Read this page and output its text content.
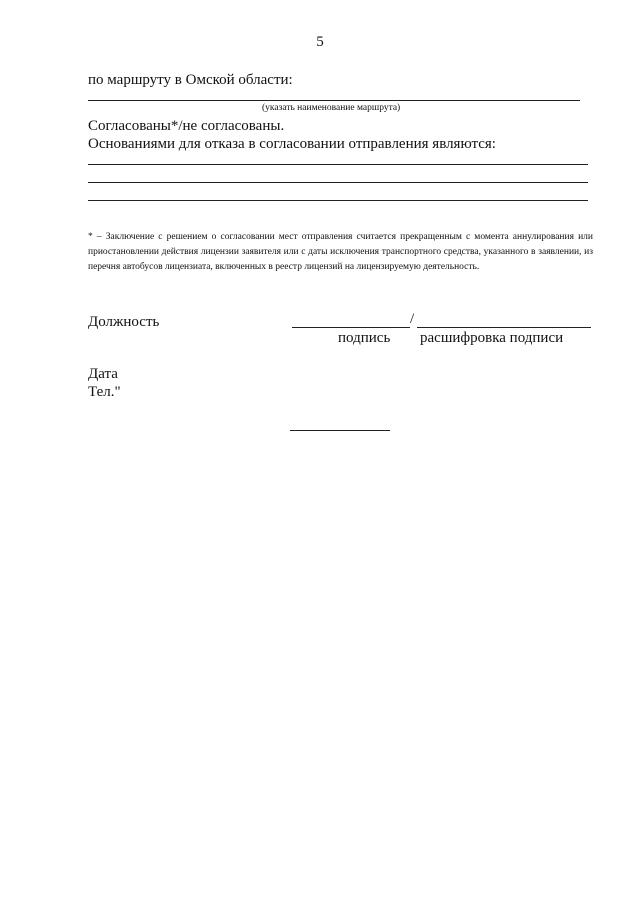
5
по маршруту в Омской области:
(указать наименование маршрута)
Согласованы*/не согласованы.
Основаниями для отказа в согласовании отправления являются:
* – Заключение с решением о согласовании мест отправления считается прекращенным с момента аннулирования или приостановлении действия лицензии заявителя или с даты исключения транспортного средства, указанного в заявлении, из перечня автобусов лицензиата, включенных в реестр лицензий на лицензируемую деятельность.
Должность	/
подпись расшифровка подписи
Дата
Тел."
